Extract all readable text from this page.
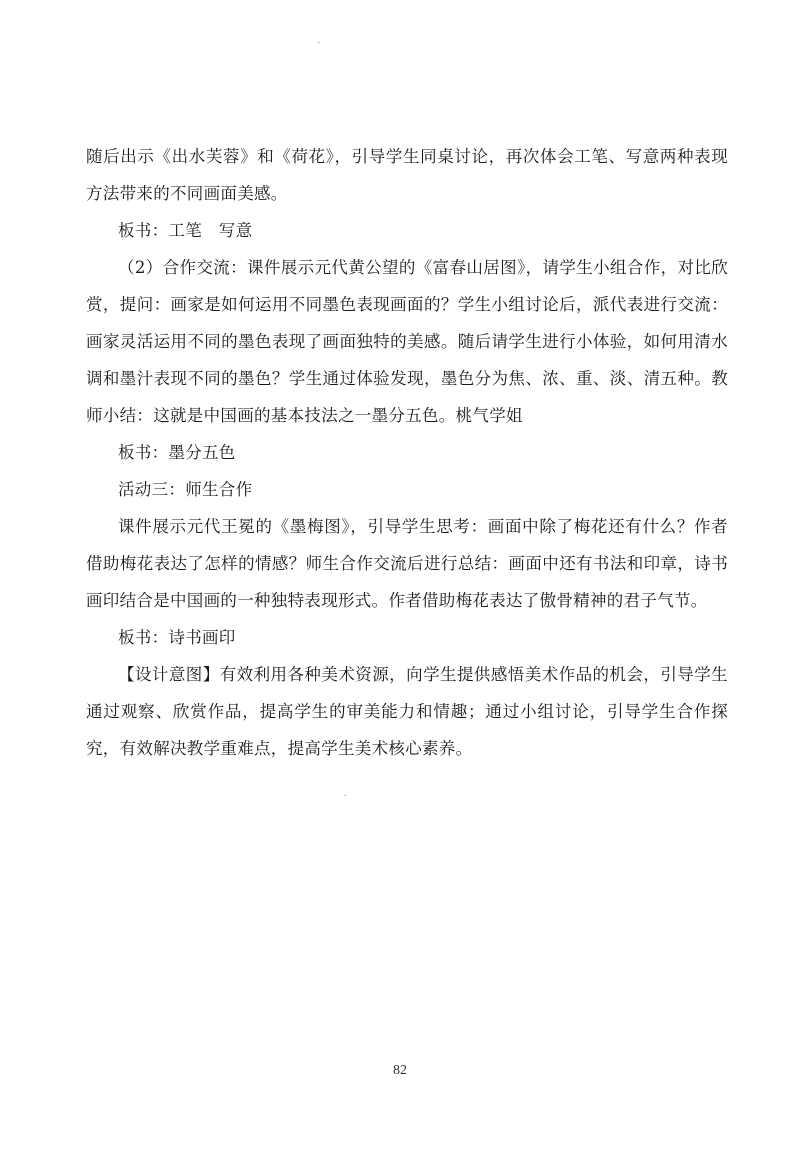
随后出示《出水芙蓉》和《荷花》，引导学生同桌讨论，再次体会工笔、写意两种表现方法带来的不同画面美感。

板书：工笔　写意

（2）合作交流：课件展示元代黄公望的《富春山居图》，请学生小组合作，对比欣赏，提问：画家是如何运用不同墨色表现画面的？学生小组讨论后，派代表进行交流：画家灵活运用不同的墨色表现了画面独特的美感。随后请学生进行小体验，如何用清水调和墨汁表现不同的墨色？学生通过体验发现，墨色分为焦、浓、重、淡、清五种。教师小结：这就是中国画的基本技法之一墨分五色。桃气学姐

板书：墨分五色

活动三：师生合作

课件展示元代王冕的《墨梅图》，引导学生思考：画面中除了梅花还有什么？作者借助梅花表达了怎样的情感？师生合作交流后进行总结：画面中还有书法和印章，诗书画印结合是中国画的一种独特表现形式。作者借助梅花表达了傲骨精神的君子气节。

板书：诗书画印

【设计意图】有效利用各种美术资源，向学生提供感悟美术作品的机会，引导学生通过观察、欣赏作品，提高学生的审美能力和情趣；通过小组讨论，引导学生合作探究，有效解决教学重难点，提高学生美术核心素养。

82
